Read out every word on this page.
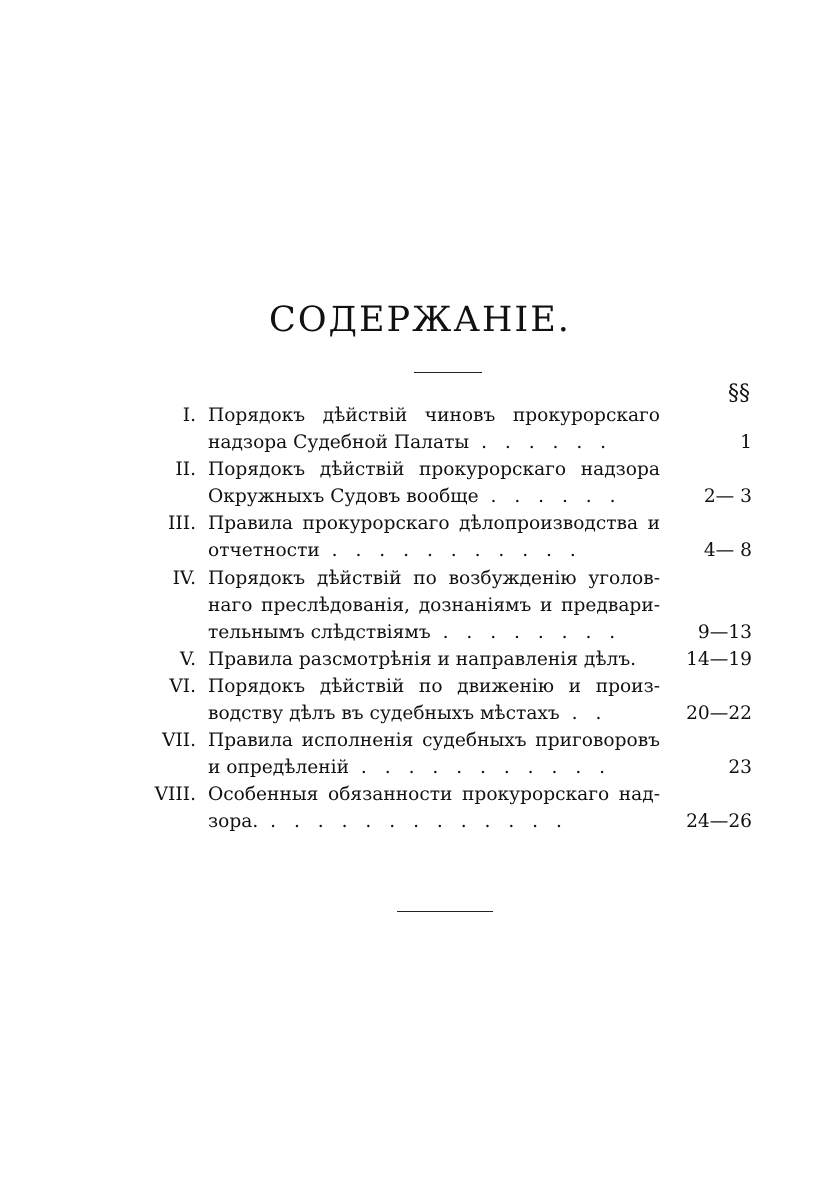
СОДЕРЖАНІЕ.
§§
I. Порядокъ дѣйствій чиновъ прокурорскаго
надзора Судебной Палаты . . . . . .	1
II. Порядокъ дѣйствій прокурорскаго надзора
Окружныхъ Судовъ вообще . . . . . .	2— 3
III. Правила прокурорскаго дѣлопроизводства и
отчетности . . . . . . . . . . .	4— 8
IV. Порядокъ дѣйствій по возбужденію уголов-
наго преслѣдованія, дознаніямъ и предвари-
тельнымъ слѣдствіямъ . . . . . . . .	9—13
V. Правила разсмотрѣнія и направленія дѣлъ.	14—19
VI. Порядокъ дѣйствій по движенію и произ-
водству дѣлъ въ судебныхъ мѣстахъ . .	20—22
VII. Правила исполненія судебныхъ приговоровъ
и опредѣленій . . . . . . . . . . .	23
VIII. Особенныя обязанности прокурорскаго над-
зора. . . . . . . . . . . . . .	24—26
